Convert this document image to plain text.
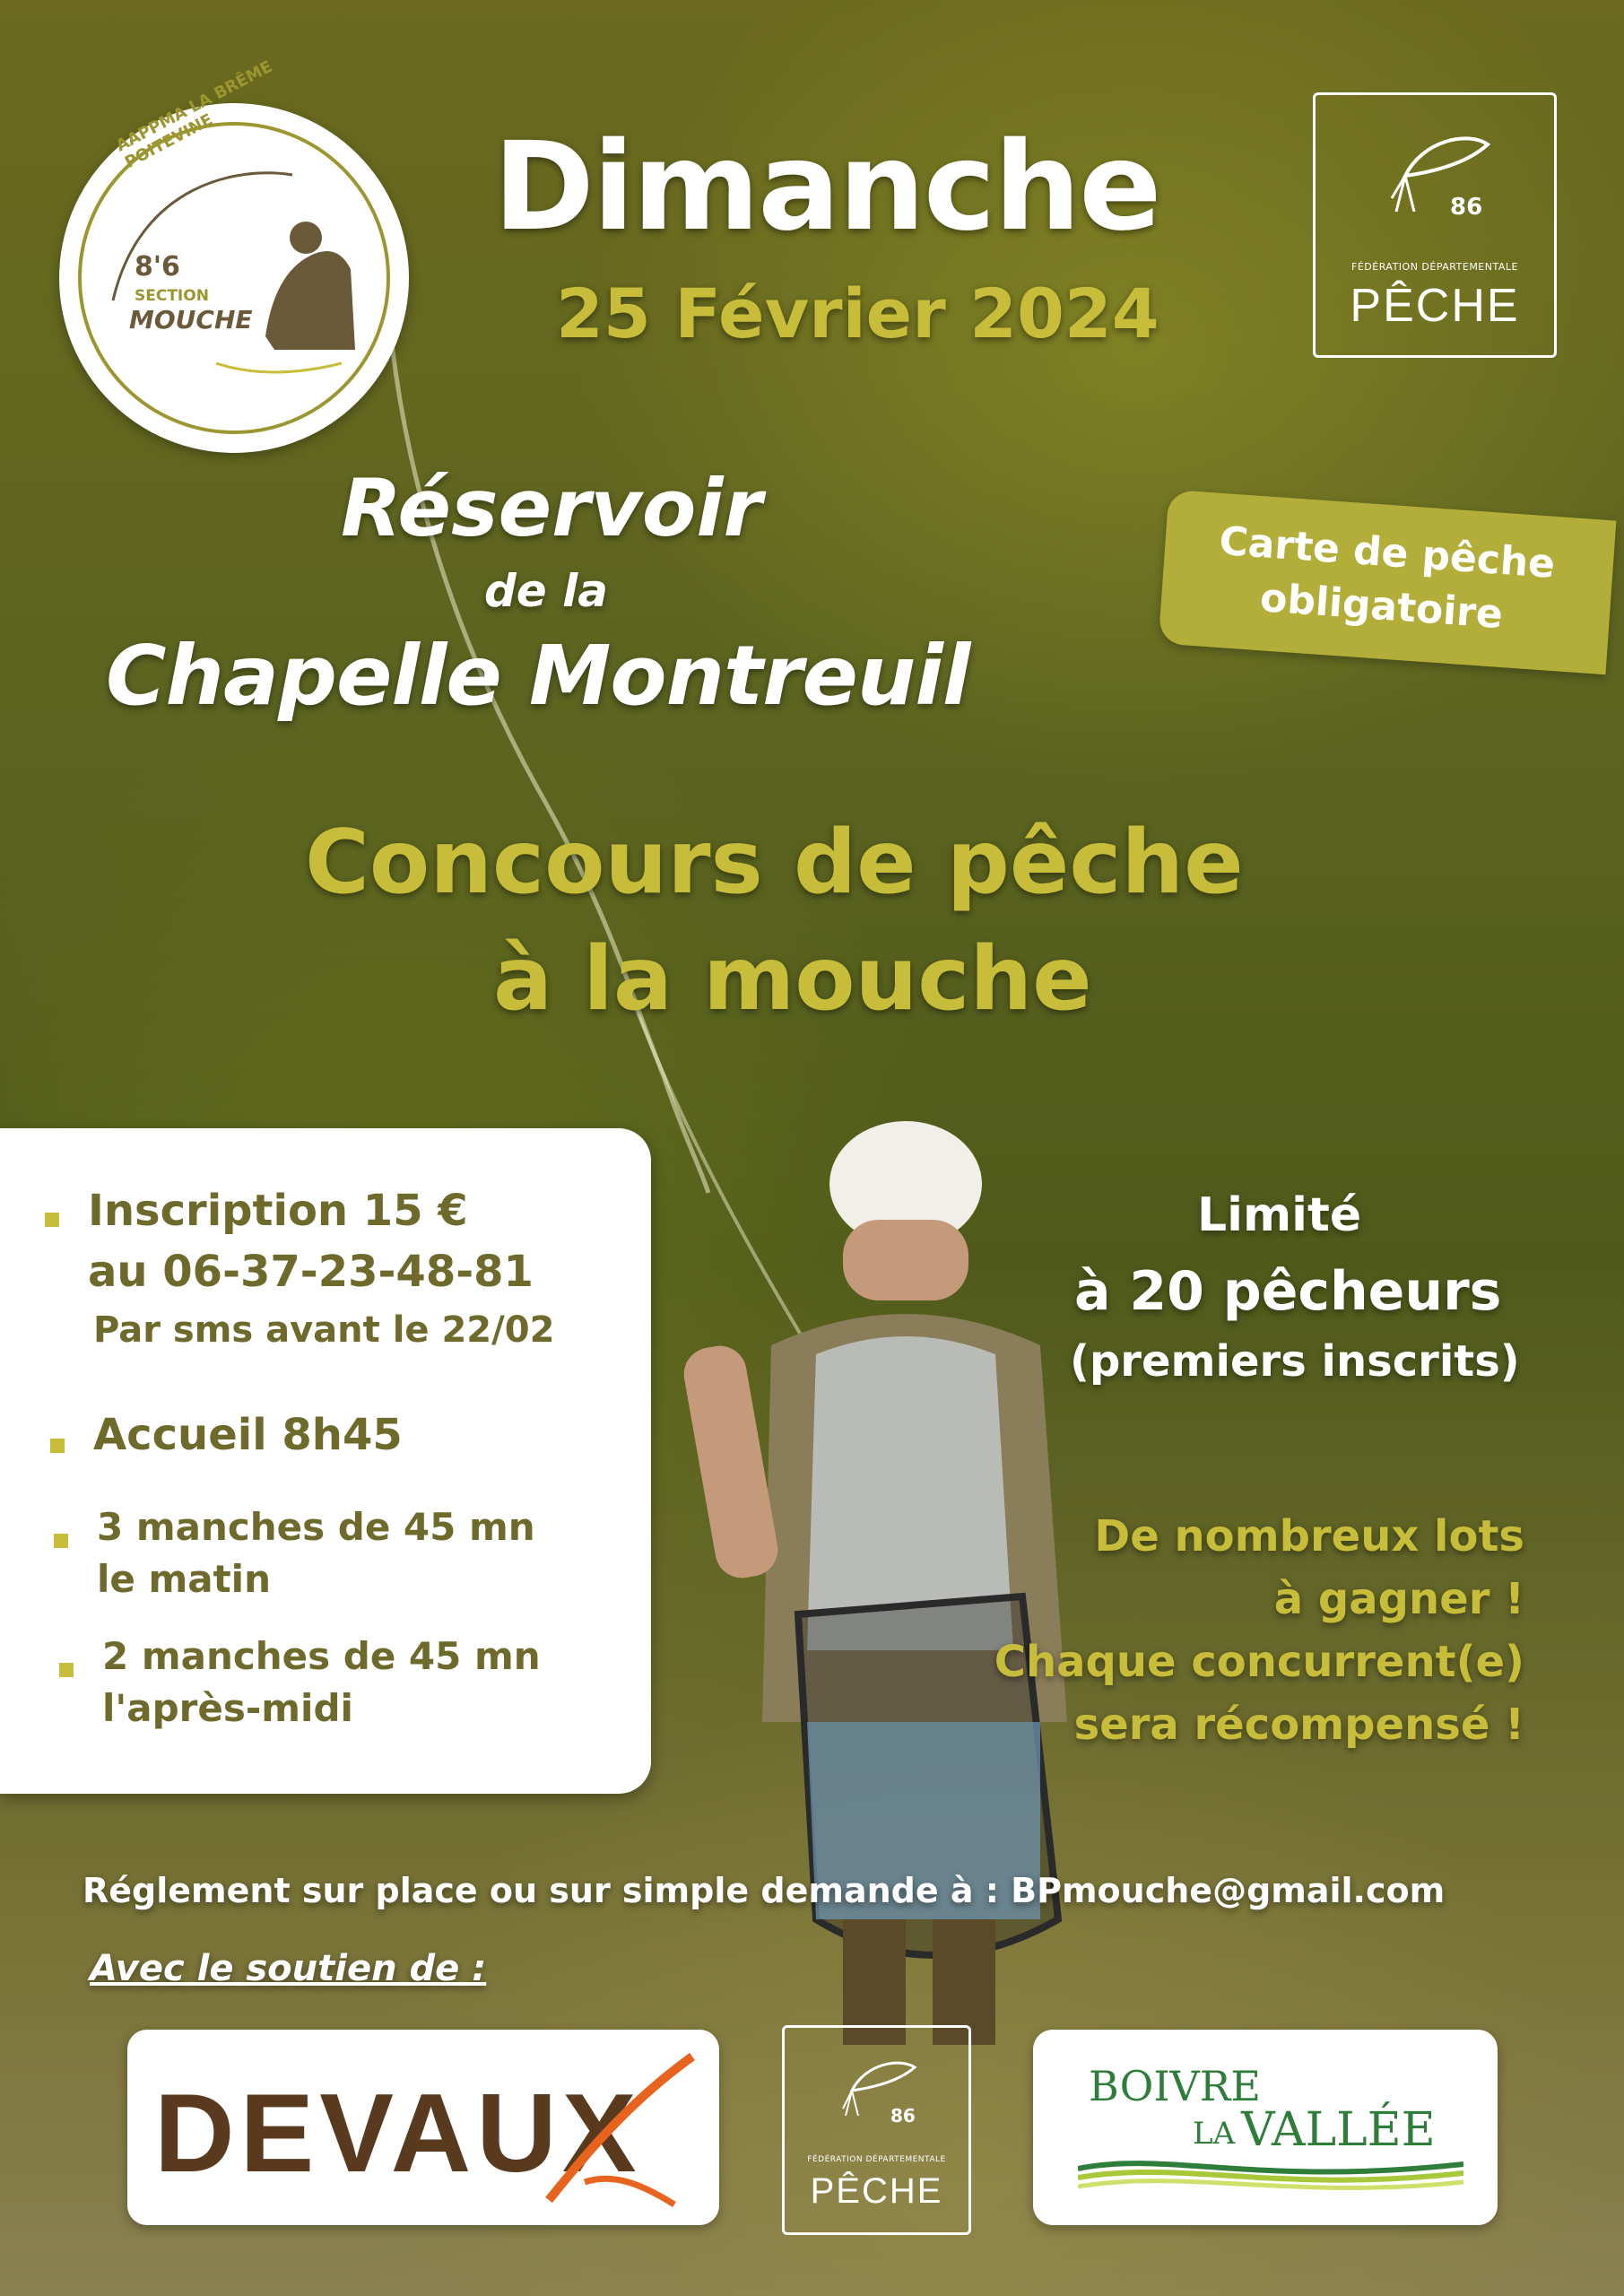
AAPPMA LA BRÊME POITEVINE
8'6
SECTION
MOUCHE
Dimanche
25 Février 2024
86
FÉDÉRATION DÉPARTEMENTALE
PÊCHE
Réservoir
de la
Chapelle Montreuil
Carte de pêche
obligatoire
Concours de pêche
à la mouche
Inscription 15 €
au 06-37-23-48-81
Par sms avant le 22/02
Accueil 8h45
3 manches de 45 mn
le matin
2 manches de 45 mn
l'après-midi
Limité
à 20 pêcheurs
(premiers inscrits)
De nombreux lots
à gagner !
Chaque concurrent(e)
sera récompensé !
Réglement sur place ou sur simple demande à : BPmouche@gmail.com
Avec le soutien de :
DEVAUX	86
FÉDÉRATION DÉPARTEMENTALE
PÊCHE
BOIVRE
LA VALLÉE
